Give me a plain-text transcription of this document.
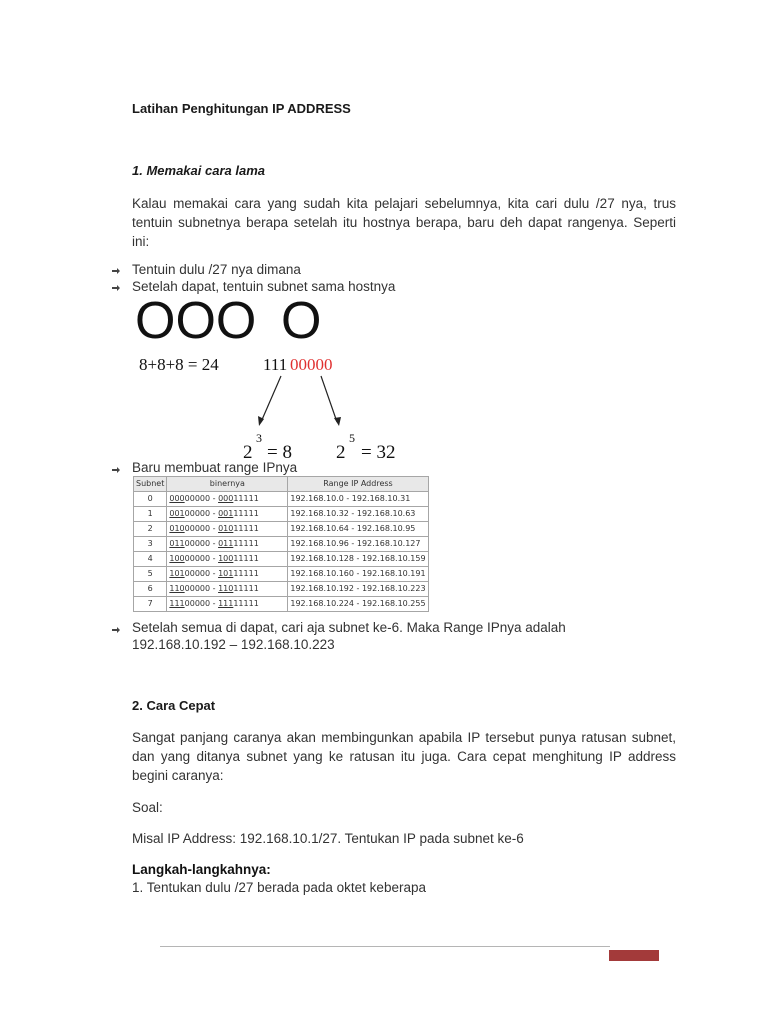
Latihan Penghitungan IP ADDRESS
1. Memakai cara lama
Kalau memakai cara yang sudah kita pelajari sebelumnya, kita cari dulu /27 nya, trus tentuin subnetnya berapa setelah itu hostnya berapa, baru deh dapat rangenya. Seperti ini:
Tentuin dulu /27 nya dimana
Setelah dapat, tentuin subnet sama hostnya
OOO O
8+8+8 = 24	111 00000
2
3
= 8 2
5
= 32
Baru membuat range IPnya
Subnet	binernya	Range IP Address
0	00000000 - 00011111	192.168.10.0 - 192.168.10.31
1	00100000 - 00111111	192.168.10.32 - 192.168.10.63
2	01000000 - 01011111	192.168.10.64 - 192.168.10.95
3	01100000 - 01111111	192.168.10.96 - 192.168.10.127
4	10000000 - 10011111	192.168.10.128 - 192.168.10.159
5	10100000 - 10111111	192.168.10.160 - 192.168.10.191
6	11000000 - 11011111	192.168.10.192 - 192.168.10.223
7	11100000 - 11111111	192.168.10.224 - 192.168.10.255
Setelah semua di dapat, cari aja subnet ke-6. Maka Range IPnya adalah
192.168.10.192 – 192.168.10.223
2. Cara Cepat
Sangat panjang caranya akan membingunkan apabila IP tersebut punya ratusan subnet, dan yang ditanya subnet yang ke ratusan itu juga. Cara cepat menghitung IP address begini caranya:
Soal:
Misal IP Address: 192.168.10.1/27. Tentukan IP pada subnet ke-6
Langkah-langkahnya:
1. Tentukan dulu /27 berada pada oktet keberapa
